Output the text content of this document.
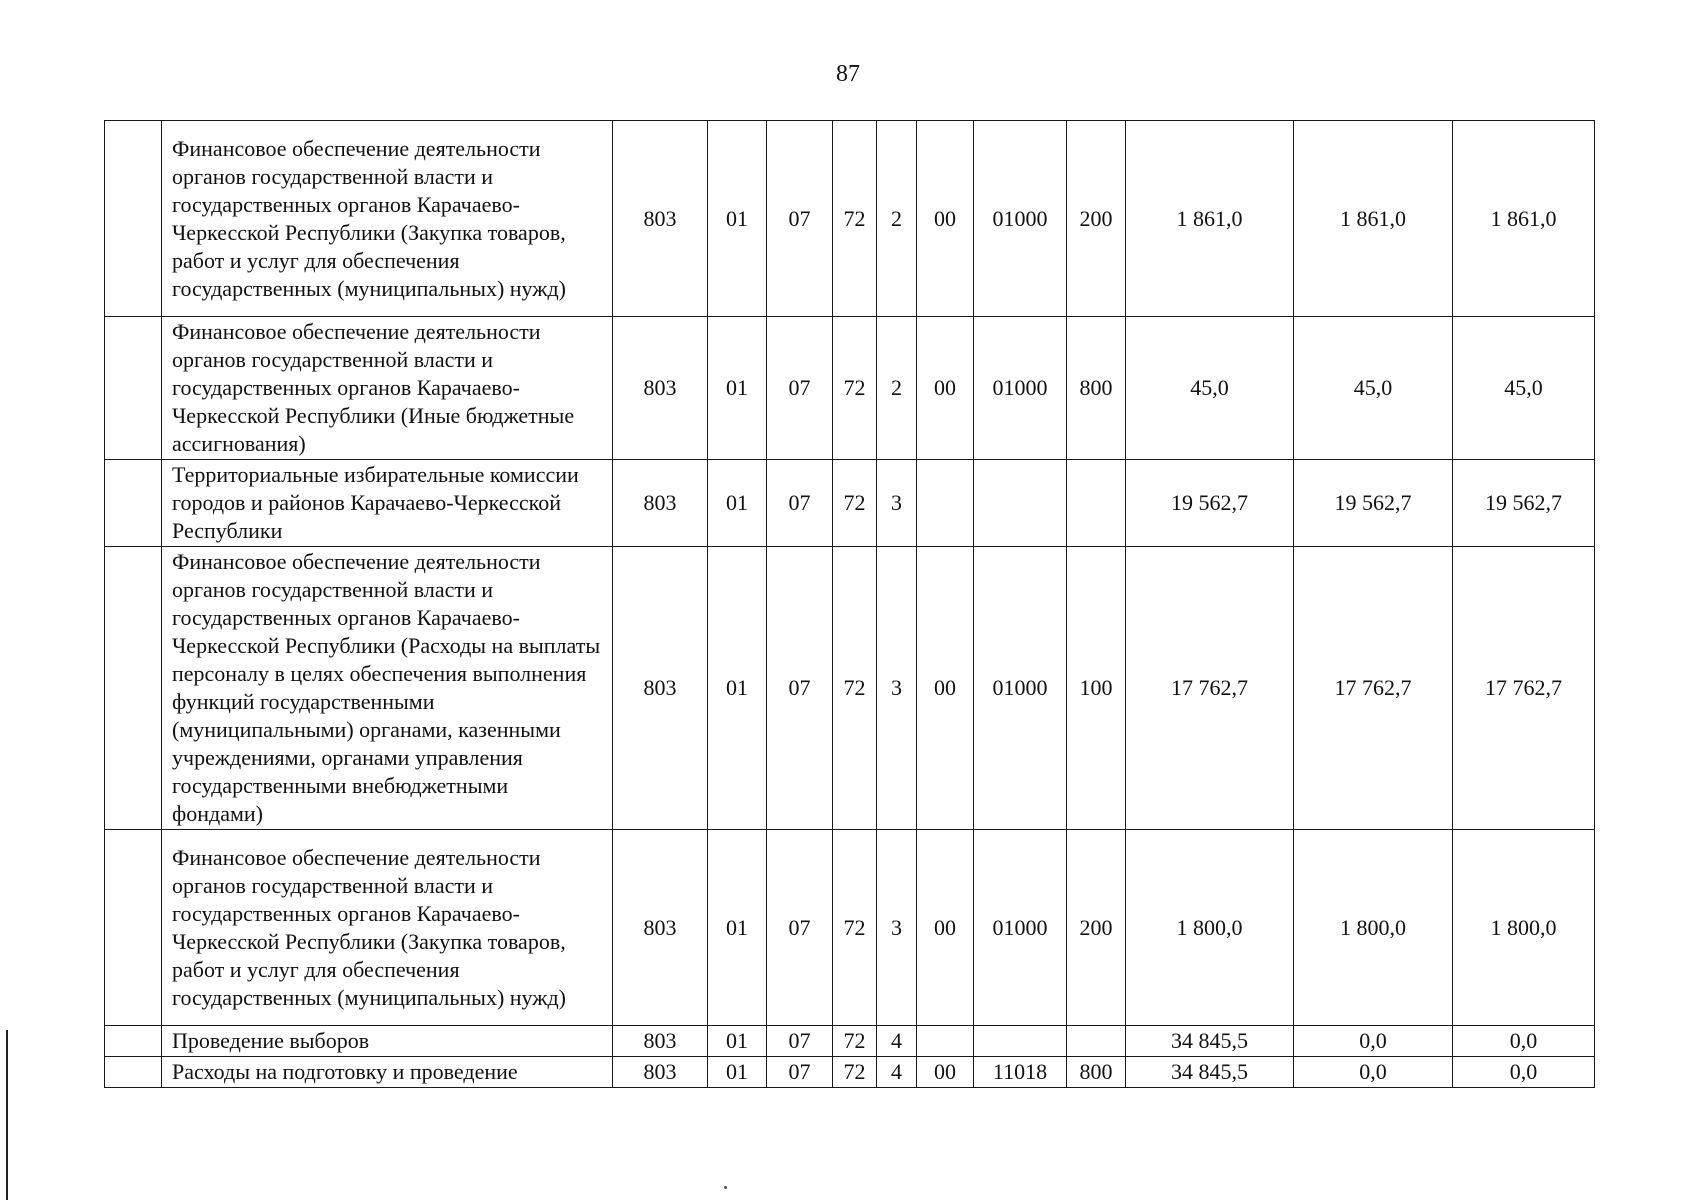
87
	Финансовое обеспечение деятельности органов государственной власти и государственных органов Карачаево-Черкесской Республики (Закупка товаров, работ и услуг для обеспечения государственных (муниципальных) нужд)	803	01	07	72	2	00	01000	200	1 861,0	1 861,0	1 861,0
	Финансовое обеспечение деятельности органов государственной власти и государственных органов Карачаево-Черкесской Республики (Иные бюджетные ассигнования)	803	01	07	72	2	00	01000	800	45,0	45,0	45,0
	Территориальные избирательные комиссии городов и районов Карачаево-Черкесской Республики	803	01	07	72	3				19 562,7	19 562,7	19 562,7
	Финансовое обеспечение деятельности органов государственной власти и государственных органов Карачаево-Черкесской Республики (Расходы на выплаты персоналу в целях обеспечения выполнения функций государственными (муниципальными) органами, казенными учреждениями, органами управления государственными внебюджетными фондами)	803	01	07	72	3	00	01000	100	17 762,7	17 762,7	17 762,7
	Финансовое обеспечение деятельности органов государственной власти и государственных органов Карачаево-Черкесской Республики (Закупка товаров, работ и услуг для обеспечения государственных (муниципальных) нужд)	803	01	07	72	3	00	01000	200	1 800,0	1 800,0	1 800,0
	Проведение выборов	803	01	07	72	4				34 845,5	0,0	0,0
	Расходы на подготовку и проведение	803	01	07	72	4	00	11018	800	34 845,5	0,0	0,0
